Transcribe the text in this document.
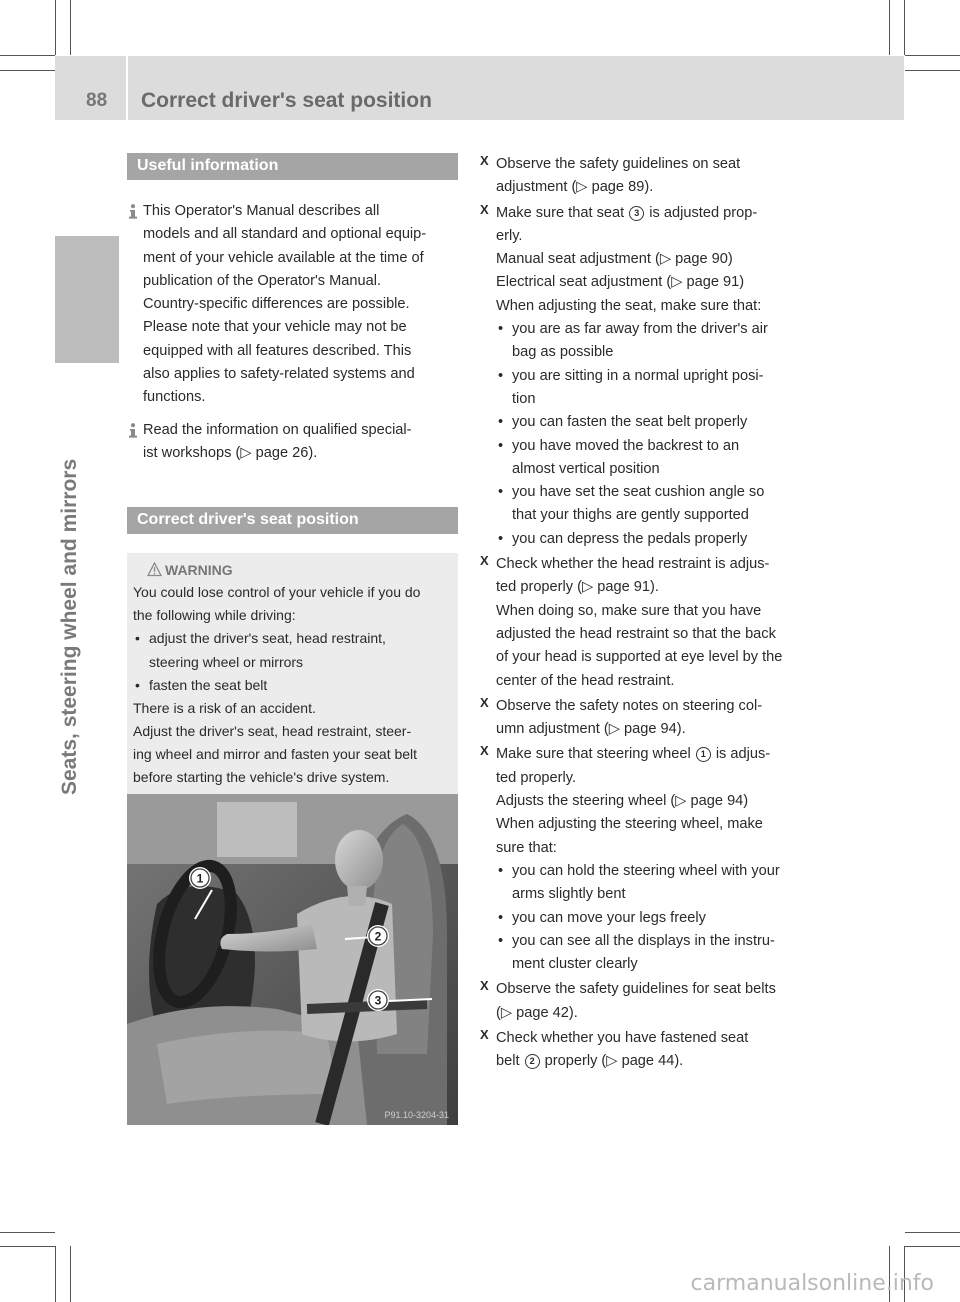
88 Correct driver's seat position
Seats, steering wheel and mirrors
Useful information

This Operator's Manual describes all

models and all standard and optional equip-

ment of your vehicle available at the time of

publication of the Operator's Manual.

Country-specific differences are possible.

Please note that your vehicle may not be

equipped with all features described. This

also applies to safety-related systems and

functions.

Read the information on qualified special-

ist workshops (▷ page 26).

Correct driver's seat position
WARNING

You could lose control of your vehicle if you do

the following while driving:

• adjust the driver's seat, head restraint,
steering wheel or mirrors
• fasten the seat belt

There is a risk of an accident.

Adjust the driver's seat, head restraint, steer-

ing wheel and mirror and fasten your seat belt

before starting the vehicle's drive system.

1
2
3
P91.10-3204-31
X Observe the safety guidelines on seat

adjustment (▷ page 89).

X Make sure that seat 3 is adjusted prop-

erly.

Manual seat adjustment (▷ page 90)

Electrical seat adjustment (▷ page 91)

When adjusting the seat, make sure that:

• you are as far away from the driver's air
bag as possible
• you are sitting in a normal upright posi-
tion
• you can fasten the seat belt properly
• you have moved the backrest to an
almost vertical position
• you have set the seat cushion angle so
that your thighs are gently supported
• you can depress the pedals properly
X Check whether the head restraint is adjus-

ted properly (▷ page 91).

When doing so, make sure that you have

adjusted the head restraint so that the back

of your head is supported at eye level by the

center of the head restraint.

X Observe the safety notes on steering col-

umn adjustment (▷ page 94).

X Make sure that steering wheel 1 is adjus-

ted properly.

Adjusts the steering wheel (▷ page 94)

When adjusting the steering wheel, make

sure that:

• you can hold the steering wheel with your
arms slightly bent
• you can move your legs freely
• you can see all the displays in the instru-
ment cluster clearly
X Observe the safety guidelines for seat belts

(▷ page 42).

X Check whether you have fastened seat

belt 2 properly (▷ page 44).

carmanualsonline.info
